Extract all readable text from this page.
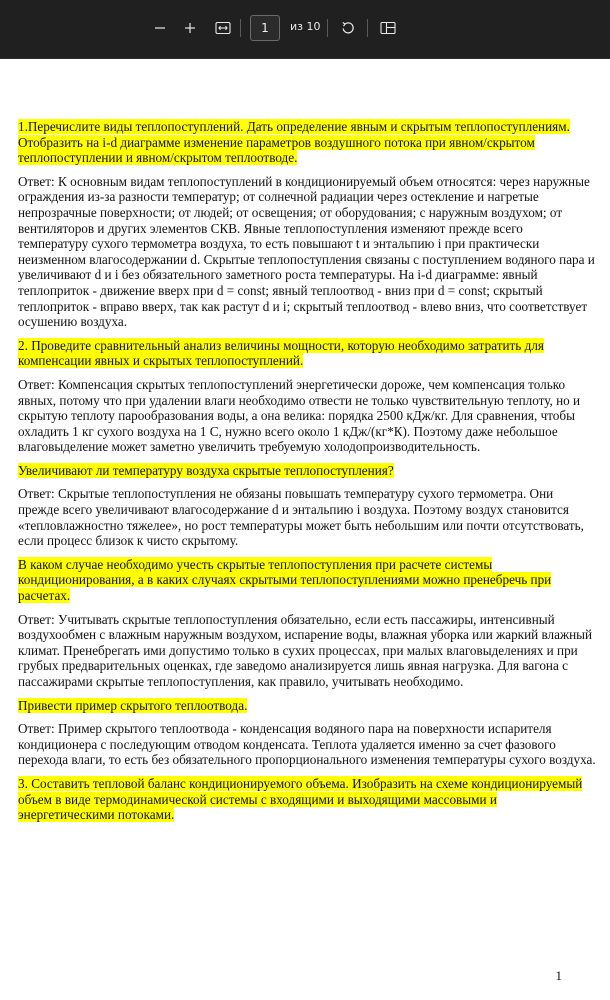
1
из 10

1.Перечислите виды теплопоступлений. Дать определение явным и скрытым теплопоступлениям. Отобразить на i-d диаграмме изменение параметров воздушного потока при явном/скрытом теплопоступлении и явном/скрытом теплоотводе.

Ответ: К основным видам теплопоступлений в кондиционируемый объем относятся: через наружные ограждения из-за разности температур; от солнечной радиации через остекление и нагретые непрозрачные поверхности; от людей; от освещения; от оборудования; с наружным воздухом; от вентиляторов и других элементов СКВ. Явные теплопоступления изменяют прежде всего температуру сухого термометра воздуха, то есть повышают t и энтальпию i при практически неизменном влагосодержании d. Скрытые теплопоступления связаны с поступлением водяного пара и увеличивают d и i без обязательного заметного роста температуры. На i-d диаграмме: явный теплоприток - движение вверх при d = const; явный теплоотвод - вниз при d = const; скрытый теплоприток - вправо вверх, так как растут d и i; скрытый теплоотвод - влево вниз, что соответствует осушению воздуха.

2. Проведите сравнительный анализ величины мощности, которую необходимо затратить для компенсации явных и скрытых теплопоступлений.

Ответ: Компенсация скрытых теплопоступлений энергетически дороже, чем компенсация только явных, потому что при удалении влаги необходимо отвести не только чувствительную теплоту, но и скрытую теплоту парообразования воды, а она велика: порядка 2500 кДж/кг. Для сравнения, чтобы охладить 1 кг сухого воздуха на 1 С, нужно всего около 1 кДж/(кг*К). Поэтому даже небольшое влаговыделение может заметно увеличить требуемую холодопроизводительность.

Увеличивают ли температуру воздуха скрытые теплопоступления?

Ответ: Скрытые теплопоступления не обязаны повышать температуру сухого термометра. Они прежде всего увеличивают влагосодержание d и энтальпию i воздуха. Поэтому воздух становится «тепловлажностно тяжелее», но рост температуры может быть небольшим или почти отсутствовать, если процесс близок к чисто скрытому.

В каком случае необходимо учесть скрытые теплопоступления при расчете системы кондиционирования, а в каких случаях скрытыми теплопоступлениями можно пренебречь при расчетах.

Ответ: Учитывать скрытые теплопоступления обязательно, если есть пассажиры, интенсивный воздухообмен с влажным наружным воздухом, испарение воды, влажная уборка или жаркий влажный климат. Пренебрегать ими допустимо только в сухих процессах, при малых влаговыделениях и при грубых предварительных оценках, где заведомо анализируется лишь явная нагрузка. Для вагона с пассажирами скрытые теплопоступления, как правило, учитывать необходимо.

Привести пример скрытого теплоотвода.

Ответ: Пример скрытого теплоотвода - конденсация водяного пара на поверхности испарителя кондиционера с последующим отводом конденсата. Теплота удаляется именно за счет фазового перехода влаги, то есть без обязательного пропорционального изменения температуры сухого воздуха.

3. Составить тепловой баланс кондиционируемого объема. Изобразить на схеме кондиционируемый объем в виде термодинамической системы с входящими и выходящими массовыми и энергетическими потоками.

1
